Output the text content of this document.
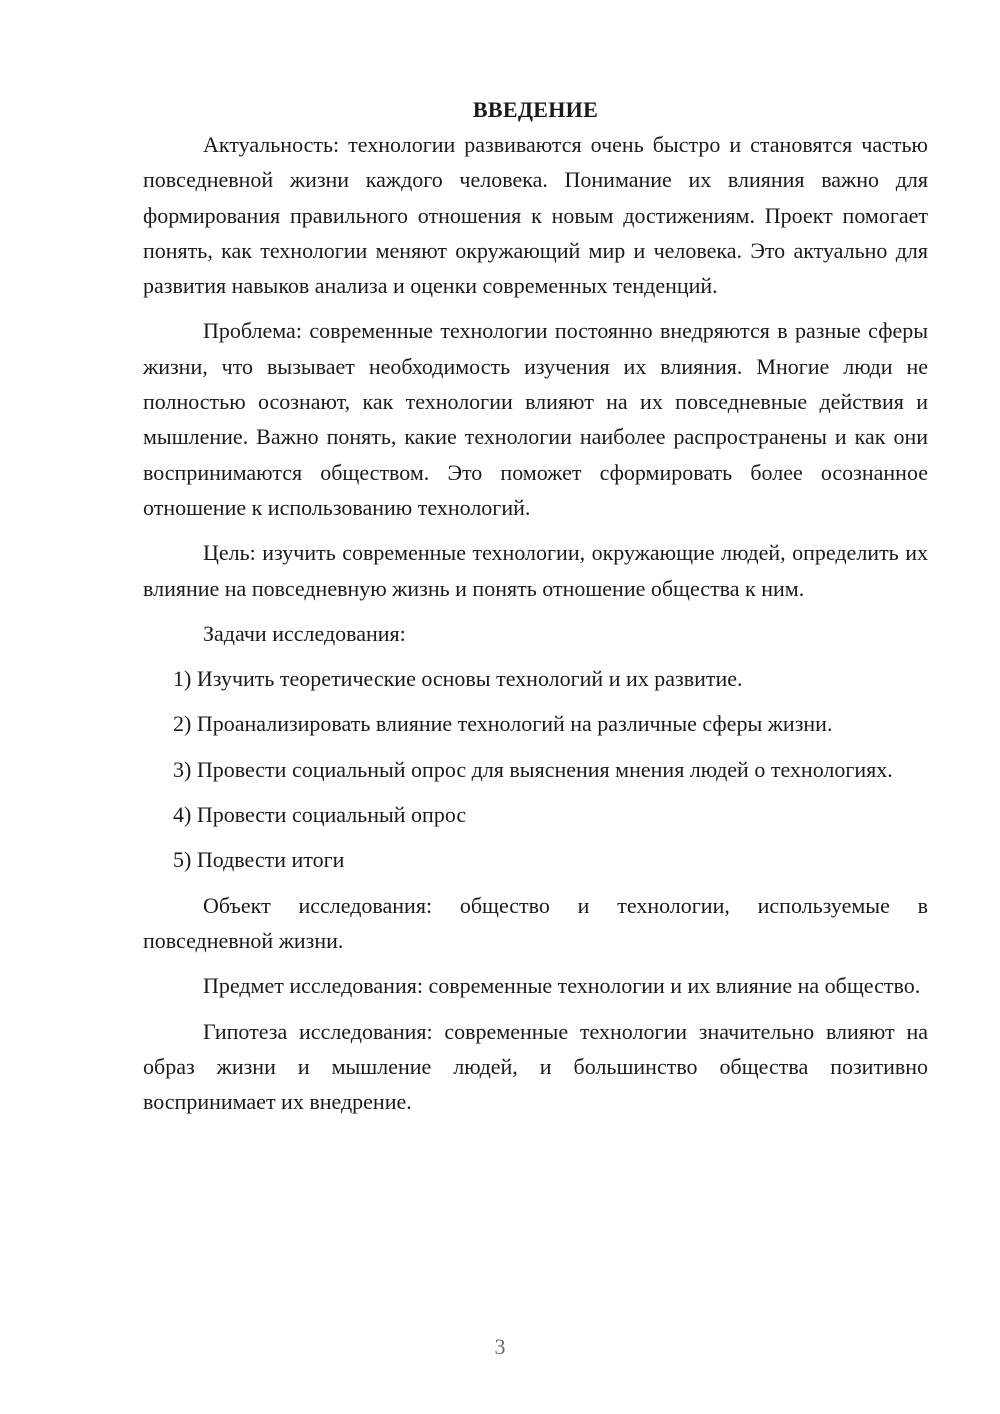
ВВЕДЕНИЕ

Актуальность: технологии развиваются очень быстро и становятся частью повседневной жизни каждого человека. Понимание их влияния важно для формирования правильного отношения к новым достижениям. Проект помогает понять, как технологии меняют окружающий мир и человека. Это актуально для развития навыков анализа и оценки современных тенденций.

Проблема: современные технологии постоянно внедряются в разные сферы жизни, что вызывает необходимость изучения их влияния. Многие люди не полностью осознают, как технологии влияют на их повседневные действия и мышление. Важно понять, какие технологии наиболее распространены и как они воспринимаются обществом. Это поможет сформировать более осознанное отношение к использованию технологий.

Цель: изучить современные технологии, окружающие людей, определить их влияние на повседневную жизнь и понять отношение общества к ним.

Задачи исследования:

1) Изучить теоретические основы технологий и их развитие.

2) Проанализировать влияние технологий на различные сферы жизни.

3) Провести социальный опрос для выяснения мнения людей о технологиях.

4) Провести социальный опрос

5) Подвести итоги

Объект исследования: общество и технологии, используемые в повседневной жизни.

Предмет исследования: современные технологии и их влияние на общество.

Гипотеза исследования: современные технологии значительно влияют на образ жизни и мышление людей, и большинство общества позитивно воспринимает их внедрение.

3
